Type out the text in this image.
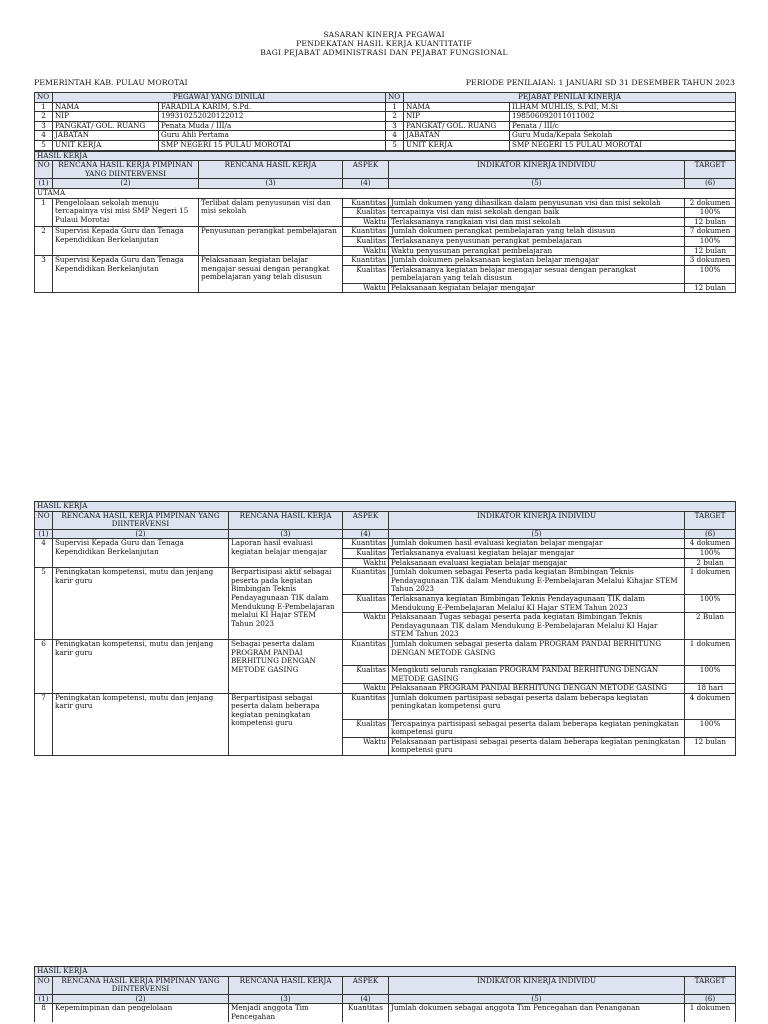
SASARAN KINERJA PEGAWAI
PENDEKATAN HASIL KERJA KUANTITATIF
BAGI PEJABAT ADMINISTRASI DAN PEJABAT FUNGSIONAL
PEMERINTAH KAB. PULAU MOROTAI	PERIODE PENILAIAN: 1 JANUARI SD 31 DESEMBER TAHUN 2023
NO	PEGAWAI YANG DINILAI		NO	PEJABAT PENILAI KINERJA	
1	NAMA	FARADILA KARIM, S.Pd.	1	NAMA	ILHAM MUHLIS, S.PdI, M.Si
2	NIP	199310252020122012	2	NIP	198506092011011002
3	PANGKAT/ GOL. RUANG	Penata Muda / III/a	3	PANGKAT/ GOL. RUANG	Penata / III/c
4	JABATAN	Guru Ahli Pertama	4	JABATAN	Guru Muda/Kepala Sekolah
5	UNIT KERJA	SMP NEGERI 15 PULAU MOROTAI	5	UNIT KERJA	SMP NEGERI 15 PULAU MOROTAI
HASIL KERJA					
NO	RENCANA HASIL KERJA PIMPINAN YANG DIINTERVENSI	RENCANA HASIL KERJA	ASPEK	INDIKATOR KINERJA INDIVIDU	TARGET
(1)	(2)	(3)	(4)	(5)	(6)
UTAMA					
1	Pengelolaan sekolah menuju tercapainya visi misi SMP Negeri 15 Pulaui Morotai	Terlibat dalam penyusunan visi dan misi sekolah	Kuantitas	Jumlah dokumen yang dihasilkan dalam penyusunan visi dan misi sekolah	2 dokumen
			Kualitas	tercapainya visi dan misi sekolah dengan baik	100%
			Waktu	Terlaksananya rangkaian visi dan misi sekolah	12 bulan
2	Supervisi Kepada Guru dan Tenaga Kependidikan Berkelanjutan	Penyusunan perangkat pembelajaran	Kuantitas	Jumlah dokumen perangkat pembelajaran yang telah disusun	7 dokumen
			Kualitas	Terlaksananya penyusunan perangkat pembelajaran	100%
			Waktu	Waktu penyusunan perangkat pembelajaran	12 bulan
3	Supervisi Kepada Guru dan Tenaga Kependidikan Berkelanjutan	Pelaksanaan kegiatan belajar mengajar sesuai dengan perangkat pembelajaran yang telah disusun	Kuantitas	Jumlah dokumen pelaksanaan kegiatan belajar mengajar	3 dokumen
			Kualitas	Terlaksananya kegiatan belajar mengajar sesuai dengan perangkat pembelajaran yang telah disusun	100%
			Waktu	Pelaksanaan kegiatan belajar mengajar	12 bulan
HASIL KERJA					
NO	RENCANA HASIL KERJA PIMPINAN YANG DIINTERVENSI	RENCANA HASIL KERJA	ASPEK	INDIKATOR KINERJA INDIVIDU	TARGET
(1)	(2)	(3)	(4)	(5)	(6)
4	Supervisi Kepada Guru dan Tenaga Kependidikan Berkelanjutan	Laporan hasil evaluasi kegiatan belajar mengajar	Kuantitas	Jumlah dokumen hasil evaluasi kegiatan belajar mengajar	4 dokumen
			Kualitas	Terlaksananya evaluasi kegiatan belajar mengajar	100%
			Waktu	Pelaksanaan evaluasi kegiatan belajar mengajar	2 bulan
5	Peningkatan kompetensi, mutu dan jenjang karir guru	Berpartisipasi aktif sebagai peserta pada kegiatan Bimbingan Teknis Pendayagunaan TIK dalam Mendukung E-Pembelajaran melalui KI Hajar STEM Tahun 2023	Kuantitas	Jumlah dokumen sebagai Peserta pada kegiatan Bimbingan Teknis Pendayagunaan TIK dalam Mendukung E-Pembelajaran Melalui Kihajar STEM Tahun 2023	1 dokumen
			Kualitas	Terlaksananya kegiatan Bimbingan Teknis Pendayagunaan TIK dalam Mendukung E-Pembelajaran Melalui KI Hajar STEM Tahun 2023	100%
			Waktu	Pelaksanaan Tugas sebagai peserta pada kegiatan Bimbingan Teknis Pendayagunaan TIK dalam Mendukung E-Pembelajaran Melalui KI Hajar STEM Tahun 2023	2 Bulan
6	Peningkatan kompetensi, mutu dan jenjang karir guru	Sebagai peserta dalam PROGRAM PANDAI BERHITUNG DENGAN METODE GASING	Kuantitas	Jumlah dokumen sebagai peserta dalam PROGRAM PANDAI BERHITUNG DENGAN METODE GASING	1 dokumen
			Kualitas	Mengikuti seluruh rangkaian PROGRAM PANDAI BERHITUNG DENGAN METODE GASING	100%
			Waktu	Pelaksanaan PROGRAM PANDAI BERHITUNG DENGAN METODE GASING	18 hari
7	Peningkatan kompetensi, mutu dan jenjang karir guru	Berpartisipasi sebagai peserta dalam beberapa kegiatan peningkatan kompetensi guru	Kuantitas	Jumlah dokumen partisipasi sebagai peserta dalam beberapa kegiatan peningkatan kompetensi guru	4 dokumen
			Kualitas	Tercapainya partisipasi sebagai peserta dalam beberapa kegiatan peningkatan kompetensi guru	100%
			Waktu	Pelaksanaan partisipasi sebagai peserta dalam beberapa kegiatan peningkatan kompetensi guru	12 bulan
HASIL KERJA					
NO	RENCANA HASIL KERJA PIMPINAN YANG DIINTERVENSI	RENCANA HASIL KERJA	ASPEK	INDIKATOR KINERJA INDIVIDU	TARGET
(1)	(2)	(3)	(4)	(5)	(6)
8	Kepemimpinan dan pengelolaan	Menjadi anggota Tim Pencegahan	Kuantitas	Jumlah dokumen sebagai anggota Tim Pencegahan dan Penanganan	1 dokumen
